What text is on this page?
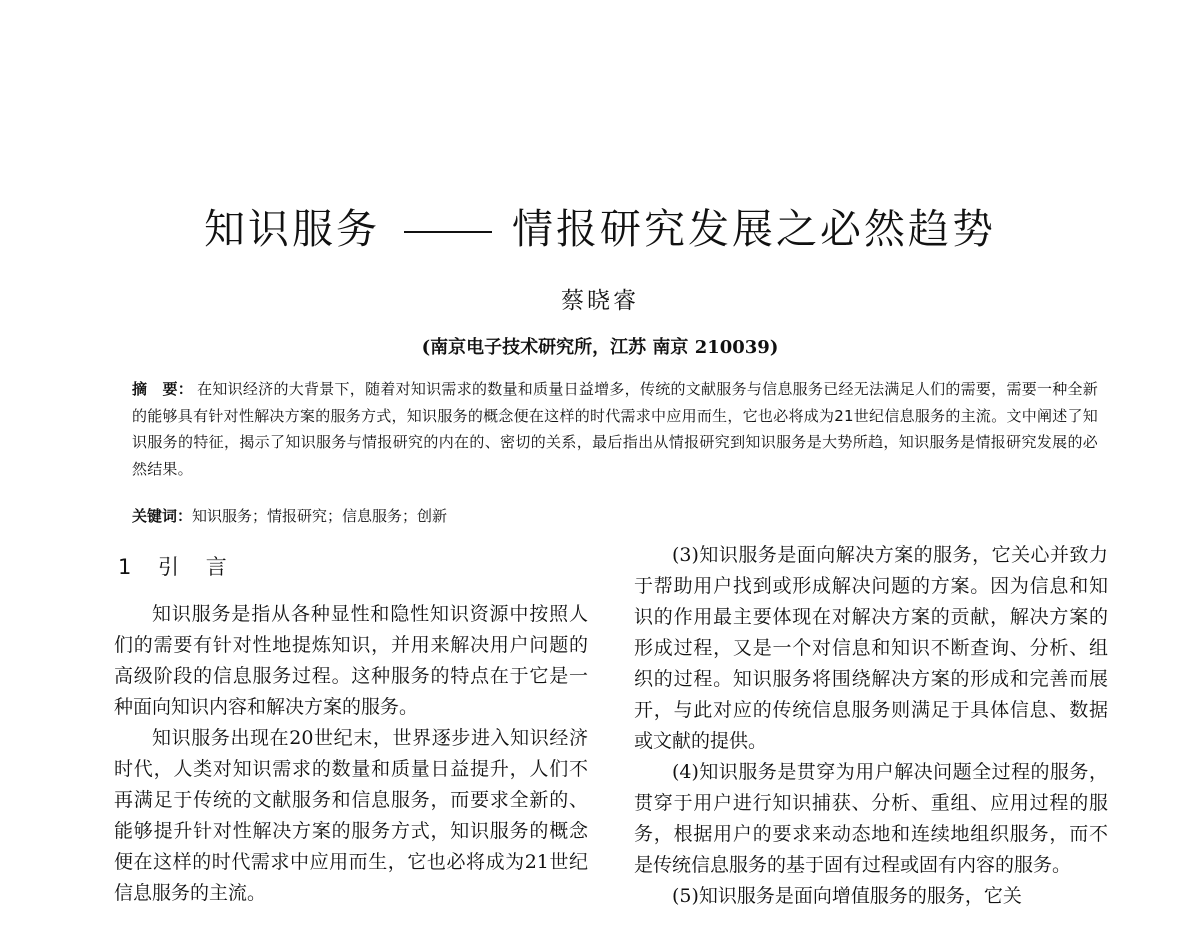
知识服务	情报研究发展之必然趋势
蔡晓睿
(南京电子技术研究所，江苏 南京 210039)
摘　要： 在知识经济的大背景下，随着对知识需求的数量和质量日益增多，传统的文献服务与信息服务已经无法满足人们的需要，需要一种全新的能够具有针对性解决方案的服务方式，知识服务的概念便在这样的时代需求中应用而生，它也必将成为21世纪信息服务的主流。文中阐述了知识服务的特征，揭示了知识服务与情报研究的内在的、密切的关系，最后指出从情报研究到知识服务是大势所趋，知识服务是情报研究发展的必然结果。
关键词：知识服务；情报研究；信息服务；创新
1 引 言

知识服务是指从各种显性和隐性知识资源中按照人们的需要有针对性地提炼知识，并用来解决用户问题的高级阶段的信息服务过程。这种服务的特点在于它是一种面向知识内容和解决方案的服务。

知识服务出现在20世纪末，世界逐步进入知识经济时代，人类对知识需求的数量和质量日益提升，人们不再满足于传统的文献服务和信息服务，而要求全新的、能够提升针对性解决方案的服务方式，知识服务的概念便在这样的时代需求中应用而生，它也必将成为21世纪信息服务的主流。

(3)知识服务是面向解决方案的服务，它关心并致力于帮助用户找到或形成解决问题的方案。因为信息和知识的作用最主要体现在对解决方案的贡献，解决方案的形成过程，又是一个对信息和知识不断查询、分析、组织的过程。知识服务将围绕解决方案的形成和完善而展开，与此对应的传统信息服务则满足于具体信息、数据或文献的提供。

(4)知识服务是贯穿为用户解决问题全过程的服务，贯穿于用户进行知识捕获、分析、重组、应用过程的服务，根据用户的要求来动态地和连续地组织服务，而不是传统信息服务的基于固有过程或固有内容的服务。

(5)知识服务是面向增值服务的服务，它关
